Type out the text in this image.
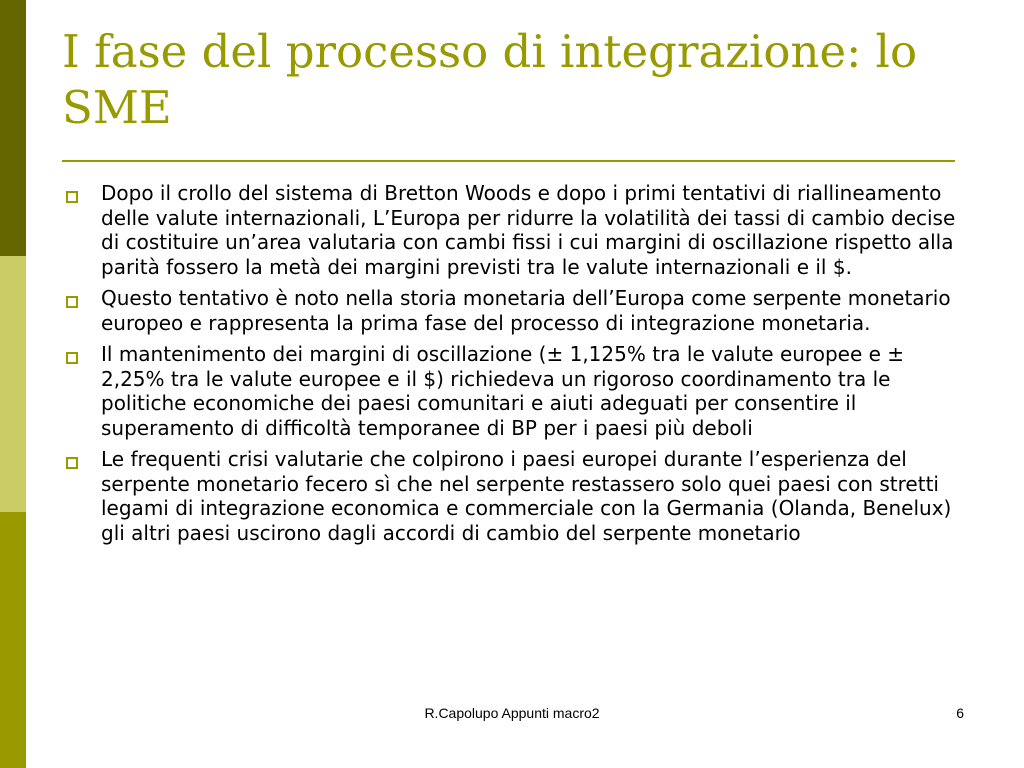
I fase del processo di integrazione: lo SME
Dopo il crollo del sistema di Bretton Woods e dopo i primi tentativi di riallineamento delle valute internazionali, L’Europa per ridurre la volatilità dei tassi di cambio decise di costituire un’area valutaria con cambi fissi i cui margini di oscillazione rispetto alla parità fossero la metà dei margini previsti tra le valute internazionali e il $.
Questo tentativo è noto nella storia monetaria dell’Europa come serpente monetario europeo e rappresenta la prima fase del processo di integrazione monetaria.
Il mantenimento dei margini di oscillazione (± 1,125% tra le valute europee e ± 2,25% tra le valute europee e il $) richiedeva un rigoroso coordinamento tra le politiche economiche dei paesi comunitari e aiuti adeguati per consentire il superamento di difficoltà temporanee di BP per i paesi più deboli
Le frequenti crisi valutarie che colpirono i paesi europei durante l’esperienza del serpente monetario fecero sì che nel serpente restassero solo quei paesi con stretti legami di integrazione economica e commerciale con la Germania (Olanda, Benelux) gli altri paesi uscirono dagli accordi di cambio del serpente monetario
R.Capolupo Appunti macro2	6
